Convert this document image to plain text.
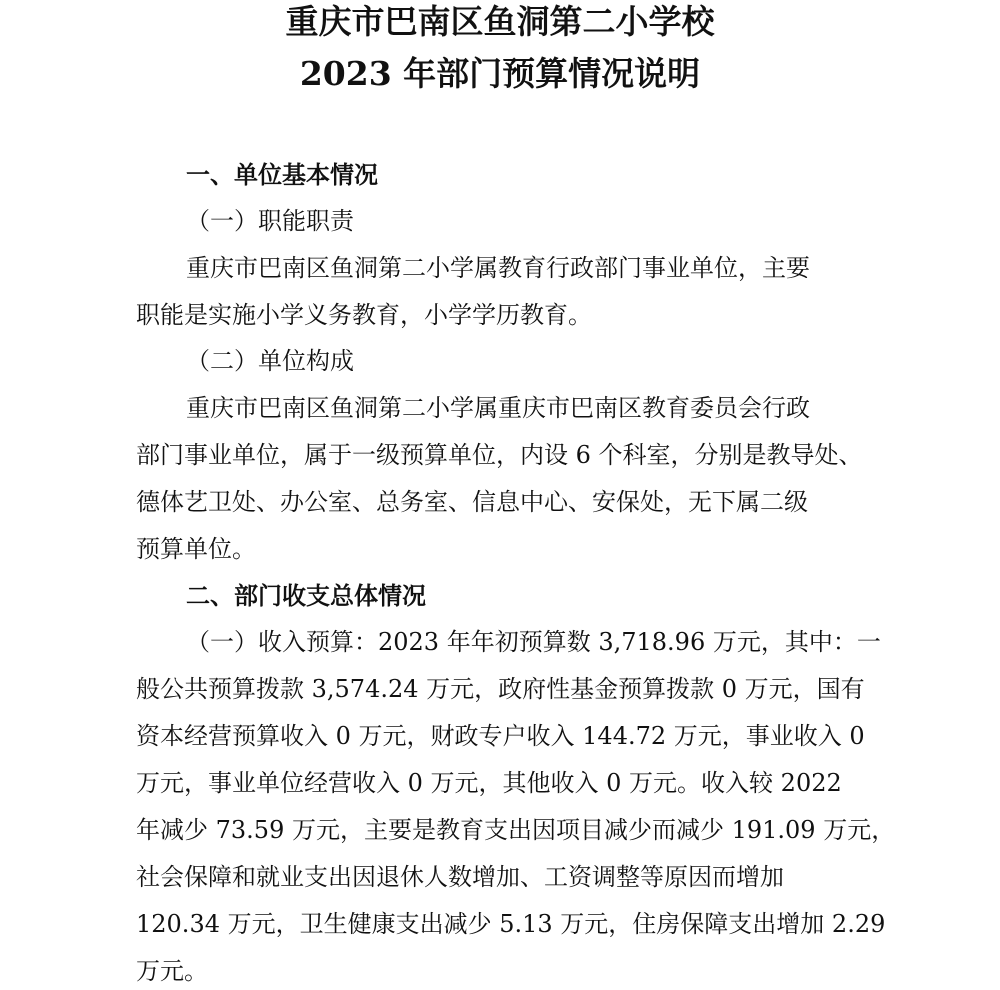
重庆市巴南区鱼洞第二小学校
2023 年部门预算情况说明
一、单位基本情况
（一）职能职责
重庆市巴南区鱼洞第二小学属教育行政部门事业单位，主要
职能是实施小学义务教育，小学学历教育。
（二）单位构成
重庆市巴南区鱼洞第二小学属重庆市巴南区教育委员会行政
部门事业单位，属于一级预算单位，内设 6 个科室，分别是教导处、
德体艺卫处、办公室、总务室、信息中心、安保处，无下属二级
预算单位。
二、部门收支总体情况
（一）收入预算：2023 年年初预算数 3,718.96 万元，其中：一
般公共预算拨款 3,574.24 万元，政府性基金预算拨款 0 万元，国有
资本经营预算收入 0 万元，财政专户收入 144.72 万元，事业收入 0
万元，事业单位经营收入 0 万元，其他收入 0 万元。收入较 2022
年减少 73.59 万元，主要是教育支出因项目减少而减少 191.09 万元，
社会保障和就业支出因退休人数增加、工资调整等原因而增加
120.34 万元，卫生健康支出减少 5.13 万元，住房保障支出增加 2.29
万元。
